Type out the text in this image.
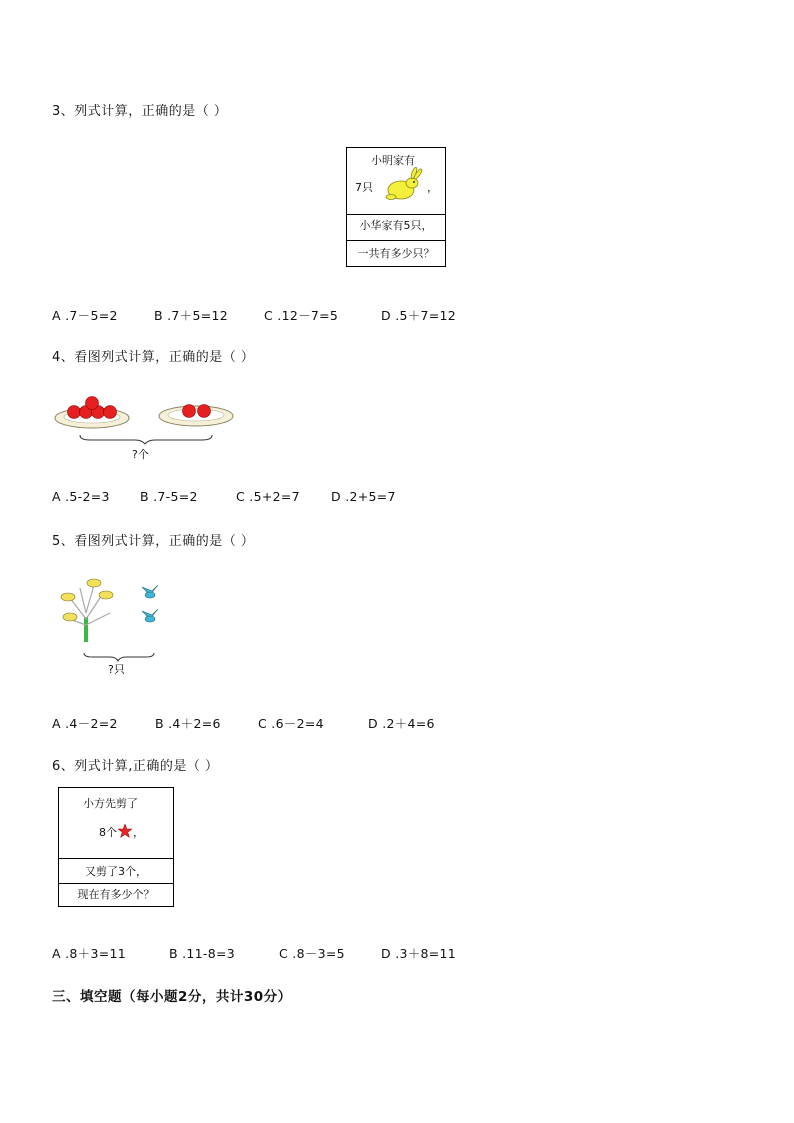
3、列式计算，正确的是（ ）
小明家有
7只	，
小华家有5只，
一共有多少只？
A .7－5=2	B .7＋5=12	C .12－7=5	D .5＋7=12
4、看图列式计算，正确的是（ ）
?个
A .5-2=3 B .7-5=2	C .5+2=7 D .2+5=7
5、看图列式计算，正确的是（ ）
?只
A .4－2=2	B .4＋2=6	C .6－2=4	D .2＋4=6
6、列式计算,正确的是（ ）
小方先剪了
8个 ，
又剪了3个，
现在有多少个？
A .8＋3=11	B .11-8=3	C .8－3=5	D .3＋8=11
三、填空题（每小题2分，共计30分）
